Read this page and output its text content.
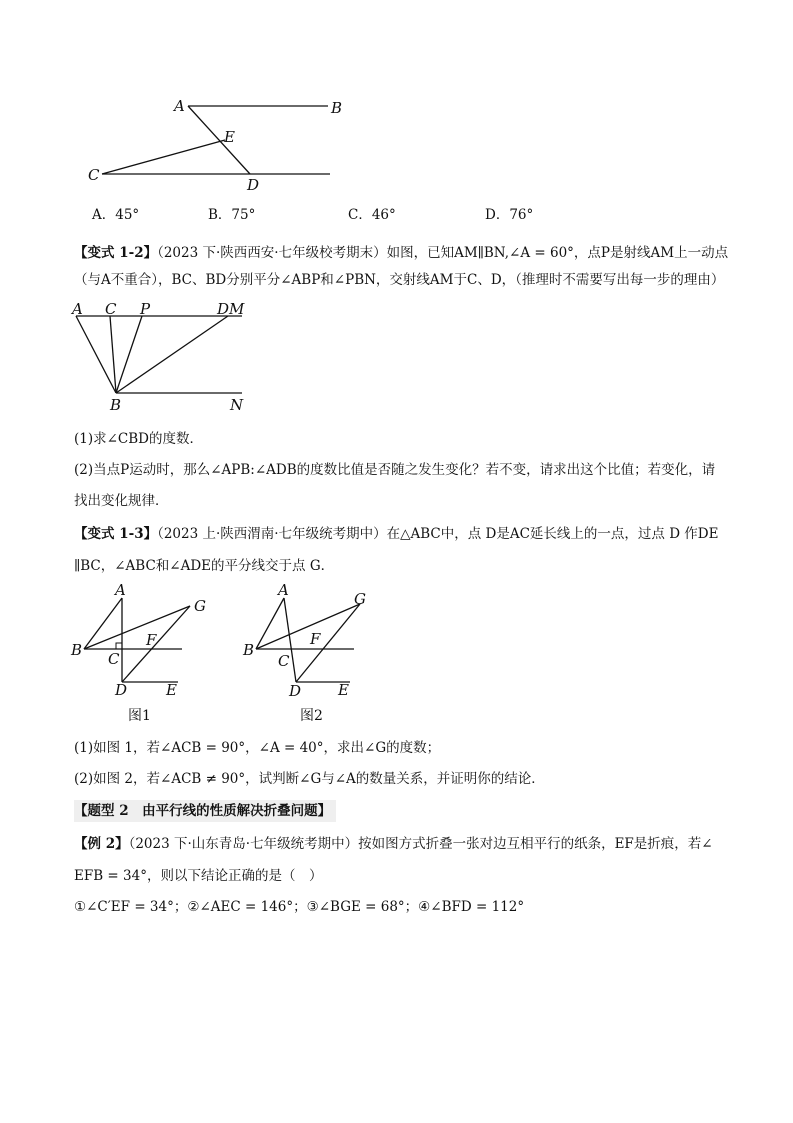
A	B
E
C
D
A．45°	B．75°	C．46°	D．76°
【变式 1-2】（2023 下·陕西西安·七年级校考期末）如图，已知AM∥BN,∠A = 60°，点P是射线AM上一动点
（与A不重合），BC、BD分别平分∠ABP和∠PBN，交射线AM于C、D，（推理时不需要写出每一步的理由）
A C P	DM
B	N
(1)求∠CBD的度数．
(2)当点P运动时，那么∠APB:∠ADB的度数比值是否随之发生变化？若不变，请求出这个比值；若变化，请
找出变化规律．
【变式 1-3】（2023 上·陕西渭南·七年级统考期中）在△ABC中，点 D是AC延长线上的一点，过点 D 作DE
∥BC，∠ABC和∠ADE的平分线交于点 G．
A
B C
F
G
D	E
图1
A
B
C
F
G
D E
图2
(1)如图 1，若∠ACB = 90°，∠A = 40°，求出∠G的度数；
(2)如图 2，若∠ACB ≠ 90°，试判断∠G与∠A的数量关系，并证明你的结论．
【题型 2　由平行线的性质解决折叠问题】
【例 2】（2023 下·山东青岛·七年级统考期中）按如图方式折叠一张对边互相平行的纸条，EF是折痕，若∠
EFB = 34°，则以下结论正确的是（　）
①∠C′EF = 34°；②∠AEC = 146°；③∠BGE = 68°；④∠BFD = 112°
